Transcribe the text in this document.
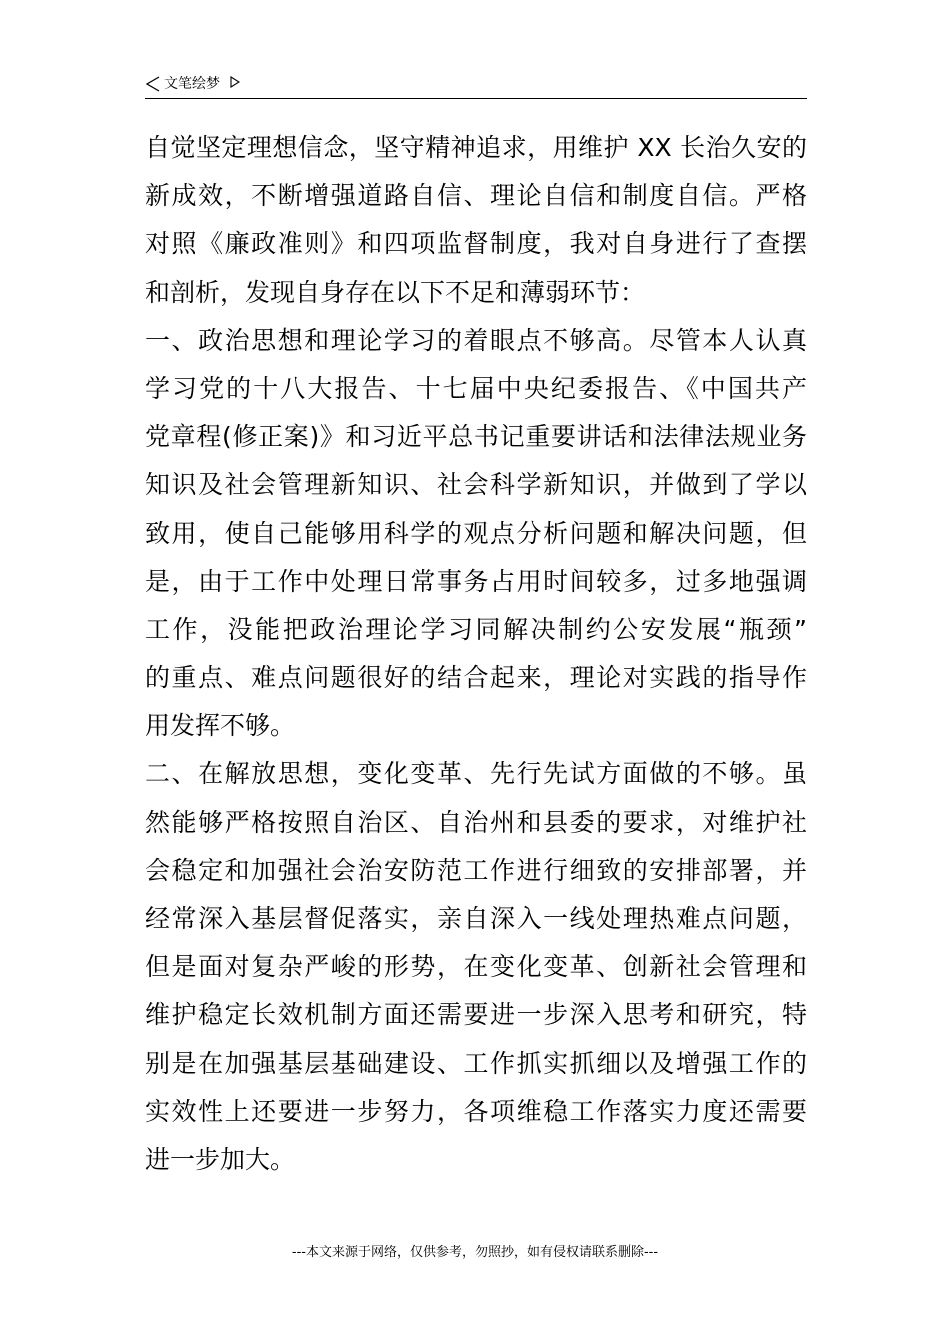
文笔绘梦
自觉坚定理想信念，坚守精神追求，用维护 XX 长治久安的
新成效，不断增强道路自信、理论自信和制度自信。严格
对照《廉政准则》和四项监督制度，我对自身进行了查摆
和剖析，发现自身存在以下不足和薄弱环节：
一、政治思想和理论学习的着眼点不够高。尽管本人认真
学习党的十八大报告、十七届中央纪委报告、《中国共产
党章程(修正案)》和习近平总书记重要讲话和法律法规业务
知识及社会管理新知识、社会科学新知识，并做到了学以
致用，使自己能够用科学的观点分析问题和解决问题，但
是，由于工作中处理日常事务占用时间较多，过多地强调
工作，没能把政治理论学习同解决制约公安发展“瓶颈”
的重点、难点问题很好的结合起来，理论对实践的指导作
用发挥不够。
二、在解放思想，变化变革、先行先试方面做的不够。虽
然能够严格按照自治区、自治州和县委的要求，对维护社
会稳定和加强社会治安防范工作进行细致的安排部署，并
经常深入基层督促落实，亲自深入一线处理热难点问题，
但是面对复杂严峻的形势，在变化变革、创新社会管理和
维护稳定长效机制方面还需要进一步深入思考和研究，特
别是在加强基层基础建设、工作抓实抓细以及增强工作的
实效性上还要进一步努力，各项维稳工作落实力度还需要
进一步加大。
---本文来源于网络，仅供参考，勿照抄，如有侵权请联系删除---
